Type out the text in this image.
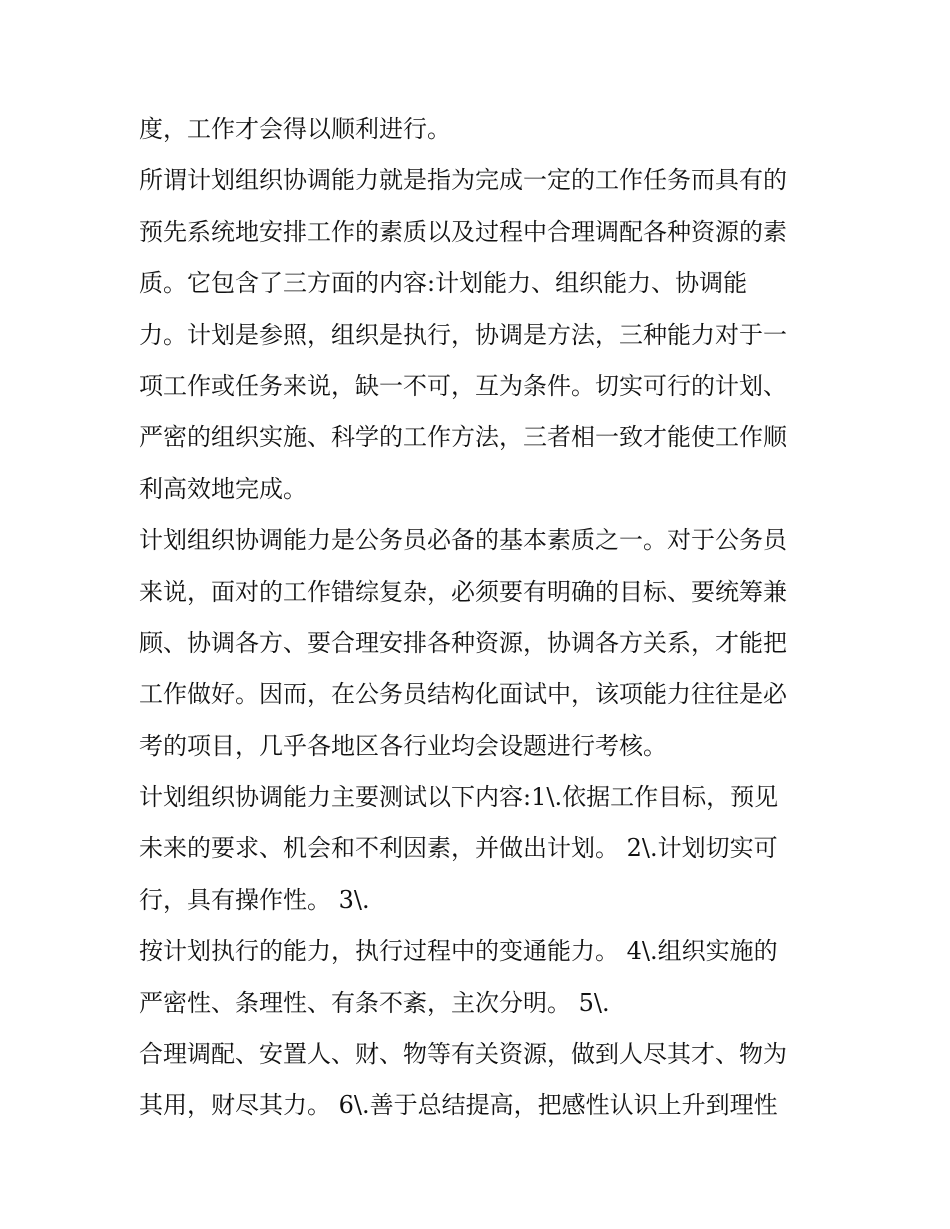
度，工作才会得以顺利进行。
所谓计划组织协调能力就是指为完成一定的工作任务而具有的
预先系统地安排工作的素质以及过程中合理调配各种资源的素
质。它包含了三方面的内容:计划能力、组织能力、协调能
力。计划是参照，组织是执行，协调是方法，三种能力对于一
项工作或任务来说，缺一不可，互为条件。切实可行的计划、
严密的组织实施、科学的工作方法，三者相一致才能使工作顺
利高效地完成。
计划组织协调能力是公务员必备的基本素质之一。对于公务员
来说，面对的工作错综复杂，必须要有明确的目标、要统筹兼
顾、协调各方、要合理安排各种资源，协调各方关系，才能把
工作做好。因而，在公务员结构化面试中，该项能力往往是必
考的项目，几乎各地区各行业均会设题进行考核。
计划组织协调能力主要测试以下内容:1\.依据工作目标，预见
未来的要求、机会和不利因素，并做出计划。 2\.计划切实可
行，具有操作性。 3\.
按计划执行的能力，执行过程中的变通能力。 4\.组织实施的
严密性、条理性、有条不紊，主次分明。 5\.
合理调配、安置人、财、物等有关资源，做到人尽其才、物为
其用，财尽其力。 6\.善于总结提高，把感性认识上升到理性
